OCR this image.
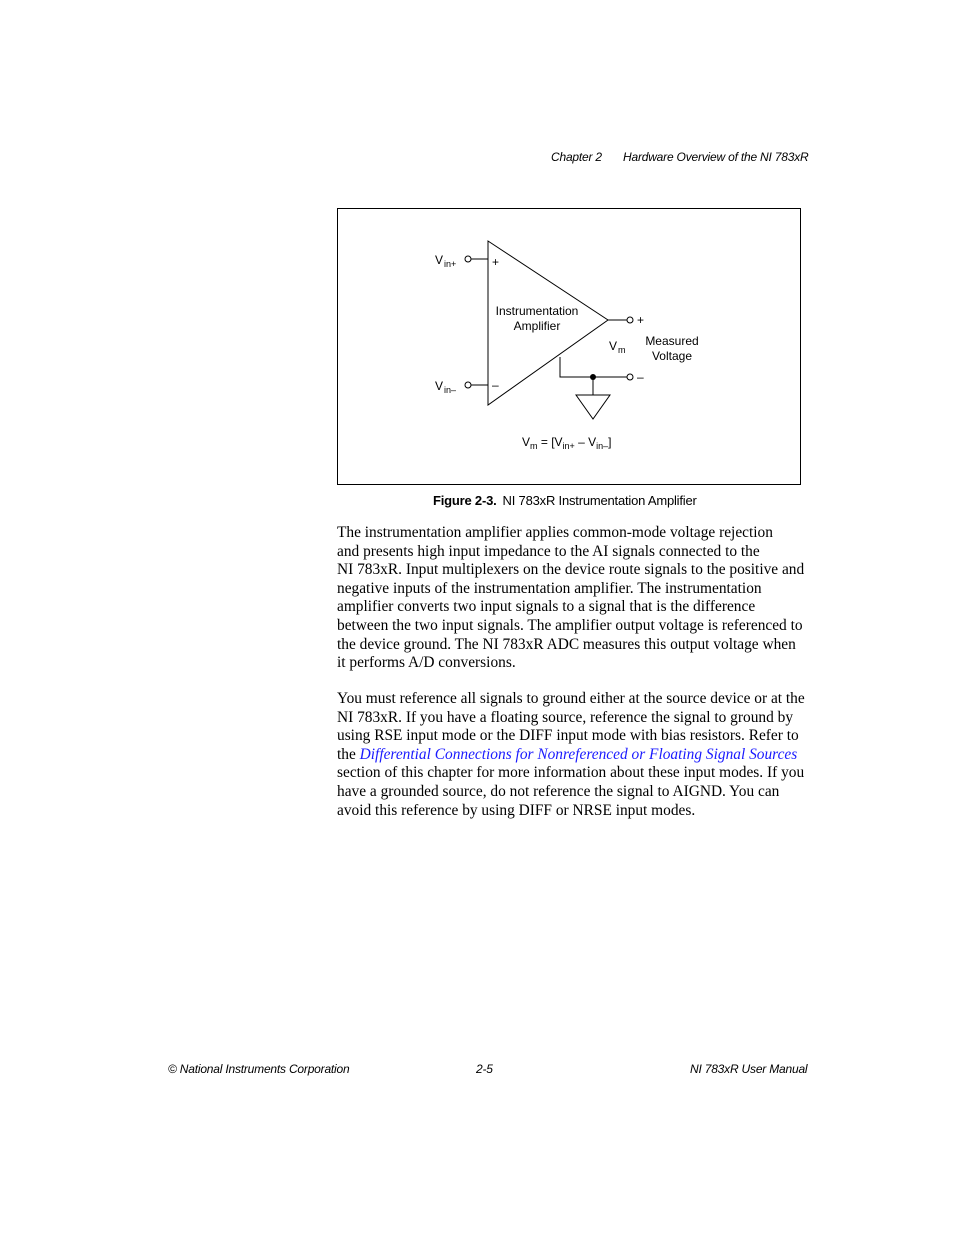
Chapter 2 Hardware Overview of the NI 783xR
V in+
V in–
+
–
Instrumentation
Amplifier
V m
+
–
Measured
Voltage
$V_m = [V_{in+} - V_{in-}]$
Figure 2-3. NI 783xR Instrumentation Amplifier
The instrumentation amplifier applies common-mode voltage rejection
and presents high input impedance to the AI signals connected to the
NI 783xR. Input multiplexers on the device route signals to the positive and
negative inputs of the instrumentation amplifier. The instrumentation
amplifier converts two input signals to a signal that is the difference
between the two input signals. The amplifier output voltage is referenced to
the device ground. The NI 783xR ADC measures this output voltage when
it performs A/D conversions.
You must reference all signals to ground either at the source device or at the
NI 783xR. If you have a floating source, reference the signal to ground by
using RSE input mode or the DIFF input mode with bias resistors. Refer to
the Differential Connections for Nonreferenced or Floating Signal Sources
section of this chapter for more information about these input modes. If you
have a grounded source, do not reference the signal to AIGND. You can
avoid this reference by using DIFF or NRSE input modes.
© National Instruments Corporation	2-5	NI 783xR User Manual
